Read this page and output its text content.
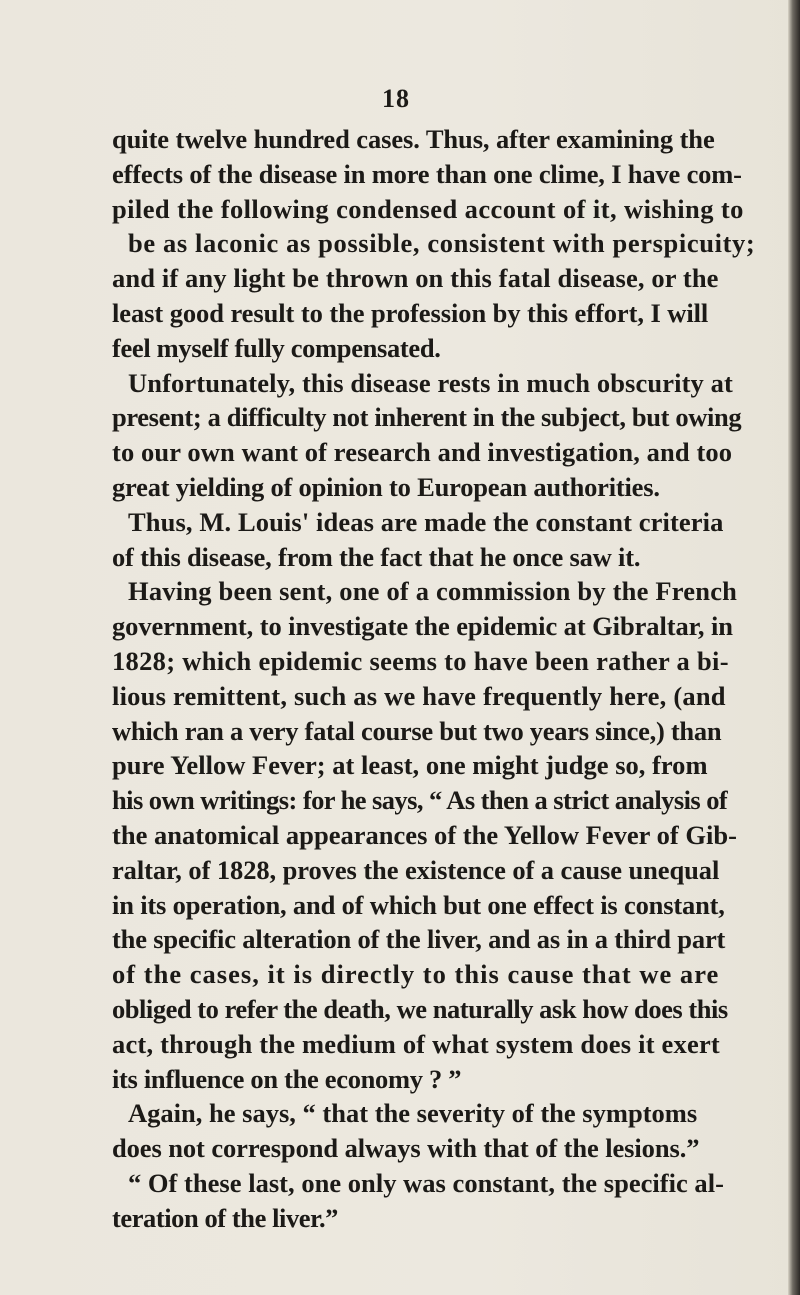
18
quite twelve hundred cases. Thus, after examining the
effects of the disease in more than one clime, I have com-
piled the following condensed account of it, wishing to
be as laconic as possible, consistent with perspicuity;
and if any light be thrown on this fatal disease, or the
least good result to the profession by this effort, I will
feel myself fully compensated.
Unfortunately, this disease rests in much obscurity at
present; a difficulty not inherent in the subject, but owing
to our own want of research and investigation, and too
great yielding of opinion to European authorities.
Thus, M. Louis' ideas are made the constant criteria
of this disease, from the fact that he once saw it.
Having been sent, one of a commission by the French
government, to investigate the epidemic at Gibraltar, in
1828; which epidemic seems to have been rather a bi-
lious remittent, such as we have frequently here, (and
which ran a very fatal course but two years since,) than
pure Yellow Fever; at least, one might judge so, from
his own writings: for he says, “ As then a strict analysis of
the anatomical appearances of the Yellow Fever of Gib-
raltar, of 1828, proves the existence of a cause unequal
in its operation, and of which but one effect is constant,
the specific alteration of the liver, and as in a third part
of the cases, it is directly to this cause that we are
obliged to refer the death, we naturally ask how does this
act, through the medium of what system does it exert
its influence on the economy ? ”
Again, he says, “ that the severity of the symptoms
does not correspond always with that of the lesions.”
“ Of these last, one only was constant, the specific al-
teration of the liver.”
